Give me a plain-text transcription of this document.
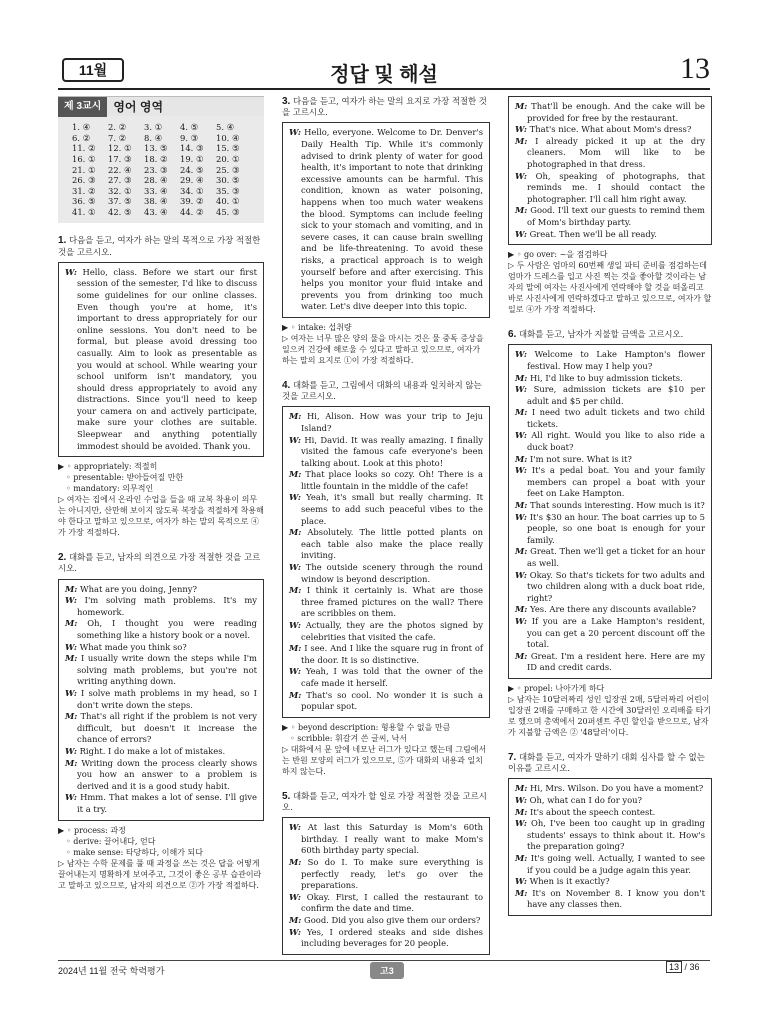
11월	정답 및 해설	13
제 3교시	영어 영역
1. ④	2. ②	3. ①	4. ⑤	5. ④
6. ②	7. ②	8. ④	9. ③	10. ④
11. ②	12. ①	13. ⑤	14. ③	15. ⑤
16. ①	17. ③	18. ②	19. ①	20. ①
21. ①	22. ④	23. ③	24. ⑤	25. ③
26. ③	27. ③	28. ④	29. ④	30. ⑤
31. ②	32. ①	33. ④	34. ①	35. ③
36. ⑤	37. ⑤	38. ④	39. ②	40. ①
41. ①	42. ⑤	43. ④	44. ②	45. ③
1. 다음을 듣고, 여자가 하는 말의 목적으로 가장 적절한 것을 고르시오.

W: Hello, class. Before we start our first session of the semester, I'd like to discuss some guidelines for our online classes. Even though you're at home, it's important to dress appropriately for our online sessions. You don't need to be formal, but please avoid dressing too casually. Aim to look as presentable as you would at school. While wearing your school uniform isn't mandatory, you should dress appropriately to avoid any distractions. Since you'll need to keep your camera on and actively participate, make sure your clothes are suitable. Sleepwear and anything potentially immodest should be avoided. Thank you.

▶ ◦ appropriately: 적절히
◦ presentable: 받아들여질 만한
◦ mandatory: 의무적인
▷ 여자는 집에서 온라인 수업을 들을 때 교복 착용이 의무는 아니지만, 산만해 보이지 않도록 복장을 적절하게 착용해야 한다고 말하고 있으므로, 여자가 하는 말의 목적으로 ④가 가장 적절하다.
2. 대화를 듣고, 남자의 의견으로 가장 적절한 것을 고르시오.

M: What are you doing, Jenny?

W: I'm solving math problems. It's my homework.

M: Oh, I thought you were reading something like a history book or a novel.

W: What made you think so?

M: I usually write down the steps while I'm solving math problems, but you're not writing anything down.

W: I solve math problems in my head, so I don't write down the steps.

M: That's all right if the problem is not very difficult, but doesn't it increase the chance of errors?

W: Right. I do make a lot of mistakes.

M: Writing down the process clearly shows you how an answer to a problem is derived and it is a good study habit.

W: Hmm. That makes a lot of sense. I'll give it a try.

▶ ◦ process: 과정
◦ derive: 끌어내다, 얻다
◦ make sense: 타당하다, 이해가 되다
▷ 남자는 수학 문제를 풀 때 과정을 쓰는 것은 답을 어떻게 끌어내는지 명확하게 보여주고, 그것이 좋은 공부 습관이라고 말하고 있으므로, 남자의 의견으로 ②가 가장 적절하다.
3. 다음을 듣고, 여자가 하는 말의 요지로 가장 적절한 것을 고르시오.

W: Hello, everyone. Welcome to Dr. Denver's Daily Health Tip. While it's commonly advised to drink plenty of water for good health, it's important to note that drinking excessive amounts can be harmful. This condition, known as water poisoning, happens when too much water weakens the blood. Symptoms can include feeling sick to your stomach and vomiting, and in severe cases, it can cause brain swelling and be life-threatening. To avoid these risks, a practical approach is to weigh yourself before and after exercising. This helps you monitor your fluid intake and prevents you from drinking too much water. Let's dive deeper into this topic.

▶ ◦ intake: 섭취량
▷ 여자는 너무 많은 양의 물을 마시는 것은 물 중독 증상을 일으켜 건강에 해로울 수 있다고 말하고 있으므로, 여자가 하는 말의 요지로 ①이 가장 적절하다.
4. 대화를 듣고, 그림에서 대화의 내용과 일치하지 않는 것을 고르시오.

M: Hi, Alison. How was your trip to Jeju Island?

W: Hi, David. It was really amazing. I finally visited the famous cafe everyone's been talking about. Look at this photo!

M: That place looks so cozy. Oh! There is a little fountain in the middle of the cafe!

W: Yeah, it's small but really charming. It seems to add such peaceful vibes to the place.

M: Absolutely. The little potted plants on each table also make the place really inviting.

W: The outside scenery through the round window is beyond description.

M: I think it certainly is. What are those three framed pictures on the wall? There are scribbles on them.

W: Actually, they are the photos signed by celebrities that visited the cafe.

M: I see. And I like the square rug in front of the door. It is so distinctive.

W: Yeah, I was told that the owner of the cafe made it herself.

M: That's so cool. No wonder it is such a popular spot.

▶ ◦ beyond description: 형용할 수 없을 만큼
◦ scribble: 휘갈겨 쓴 글씨, 낙서
▷ 대화에서 문 앞에 네모난 러그가 있다고 했는데 그림에서는 반원 모양의 러그가 있으므로, ⑤가 대화의 내용과 일치하지 않는다.
5. 대화를 듣고, 여자가 할 일로 가장 적절한 것을 고르시오.

W: At last this Saturday is Mom's 60th birthday. I really want to make Mom's 60th birthday party special.

M: So do I. To make sure everything is perfectly ready, let's go over the preparations.

W: Okay. First, I called the restaurant to confirm the date and time.

M: Good. Did you also give them our orders?

W: Yes, I ordered steaks and side dishes including beverages for 20 people.

M: That'll be enough. And the cake will be provided for free by the restaurant.

W: That's nice. What about Mom's dress?

M: I already picked it up at the dry cleaners. Mom will like to be photographed in that dress.

W: Oh, speaking of photographs, that reminds me. I should contact the photographer. I'll call him right away.

M: Good. I'll text our guests to remind them of Mom's birthday party.

W: Great. Then we'll be all ready.

▶ ◦ go over: ~을 점검하다
▷ 두 사람은 엄마의 60번째 생일 파티 준비를 점검하는데 엄마가 드레스를 입고 사진 찍는 것을 좋아할 것이라는 남자의 말에 여자는 사진사에게 연락해야 할 것을 떠올리고 바로 사진사에게 연락하겠다고 말하고 있으므로, 여자가 할 일로 ④가 가장 적절하다.
6. 대화를 듣고, 남자가 지불할 금액을 고르시오.

W: Welcome to Lake Hampton's flower festival. How may I help you?

M: Hi, I'd like to buy admission tickets.

W: Sure, admission tickets are $10 per adult and $5 per child.

M: I need two adult tickets and two child tickets.

W: All right. Would you like to also ride a duck boat?

M: I'm not sure. What is it?

W: It's a pedal boat. You and your family members can propel a boat with your feet on Lake Hampton.

M: That sounds interesting. How much is it?

W: It's $30 an hour. The boat carries up to 5 people, so one boat is enough for your family.

M: Great. Then we'll get a ticket for an hour as well.

W: Okay. So that's tickets for two adults and two children along with a duck boat ride, right?

M: Yes. Are there any discounts available?

W: If you are a Lake Hampton's resident, you can get a 20 percent discount off the total.

M: Great. I'm a resident here. Here are my ID and credit cards.

▶ ◦ propel: 나아가게 하다
▷ 남자는 10달러짜리 성인 입장권 2매, 5달러짜리 어린이 입장권 2매를 구매하고 한 시간에 30달러인 오리배를 타기로 했으며 총액에서 20퍼센트 주민 할인을 받으므로, 남자가 지불할 금액은 ② '48달러'이다.
7. 대화를 듣고, 여자가 말하기 대회 심사를 할 수 없는 이유를 고르시오.

M: Hi, Mrs. Wilson. Do you have a moment?

W: Oh, what can I do for you?

M: It's about the speech contest.

W: Oh, I've been too caught up in grading students' essays to think about it. How's the preparation going?

M: It's going well. Actually, I wanted to see if you could be a judge again this year.

W: When is it exactly?

M: It's on November 8. I know you don't have any classes then.

2024년 11월 전국 학력평가	고3	13 / 36
